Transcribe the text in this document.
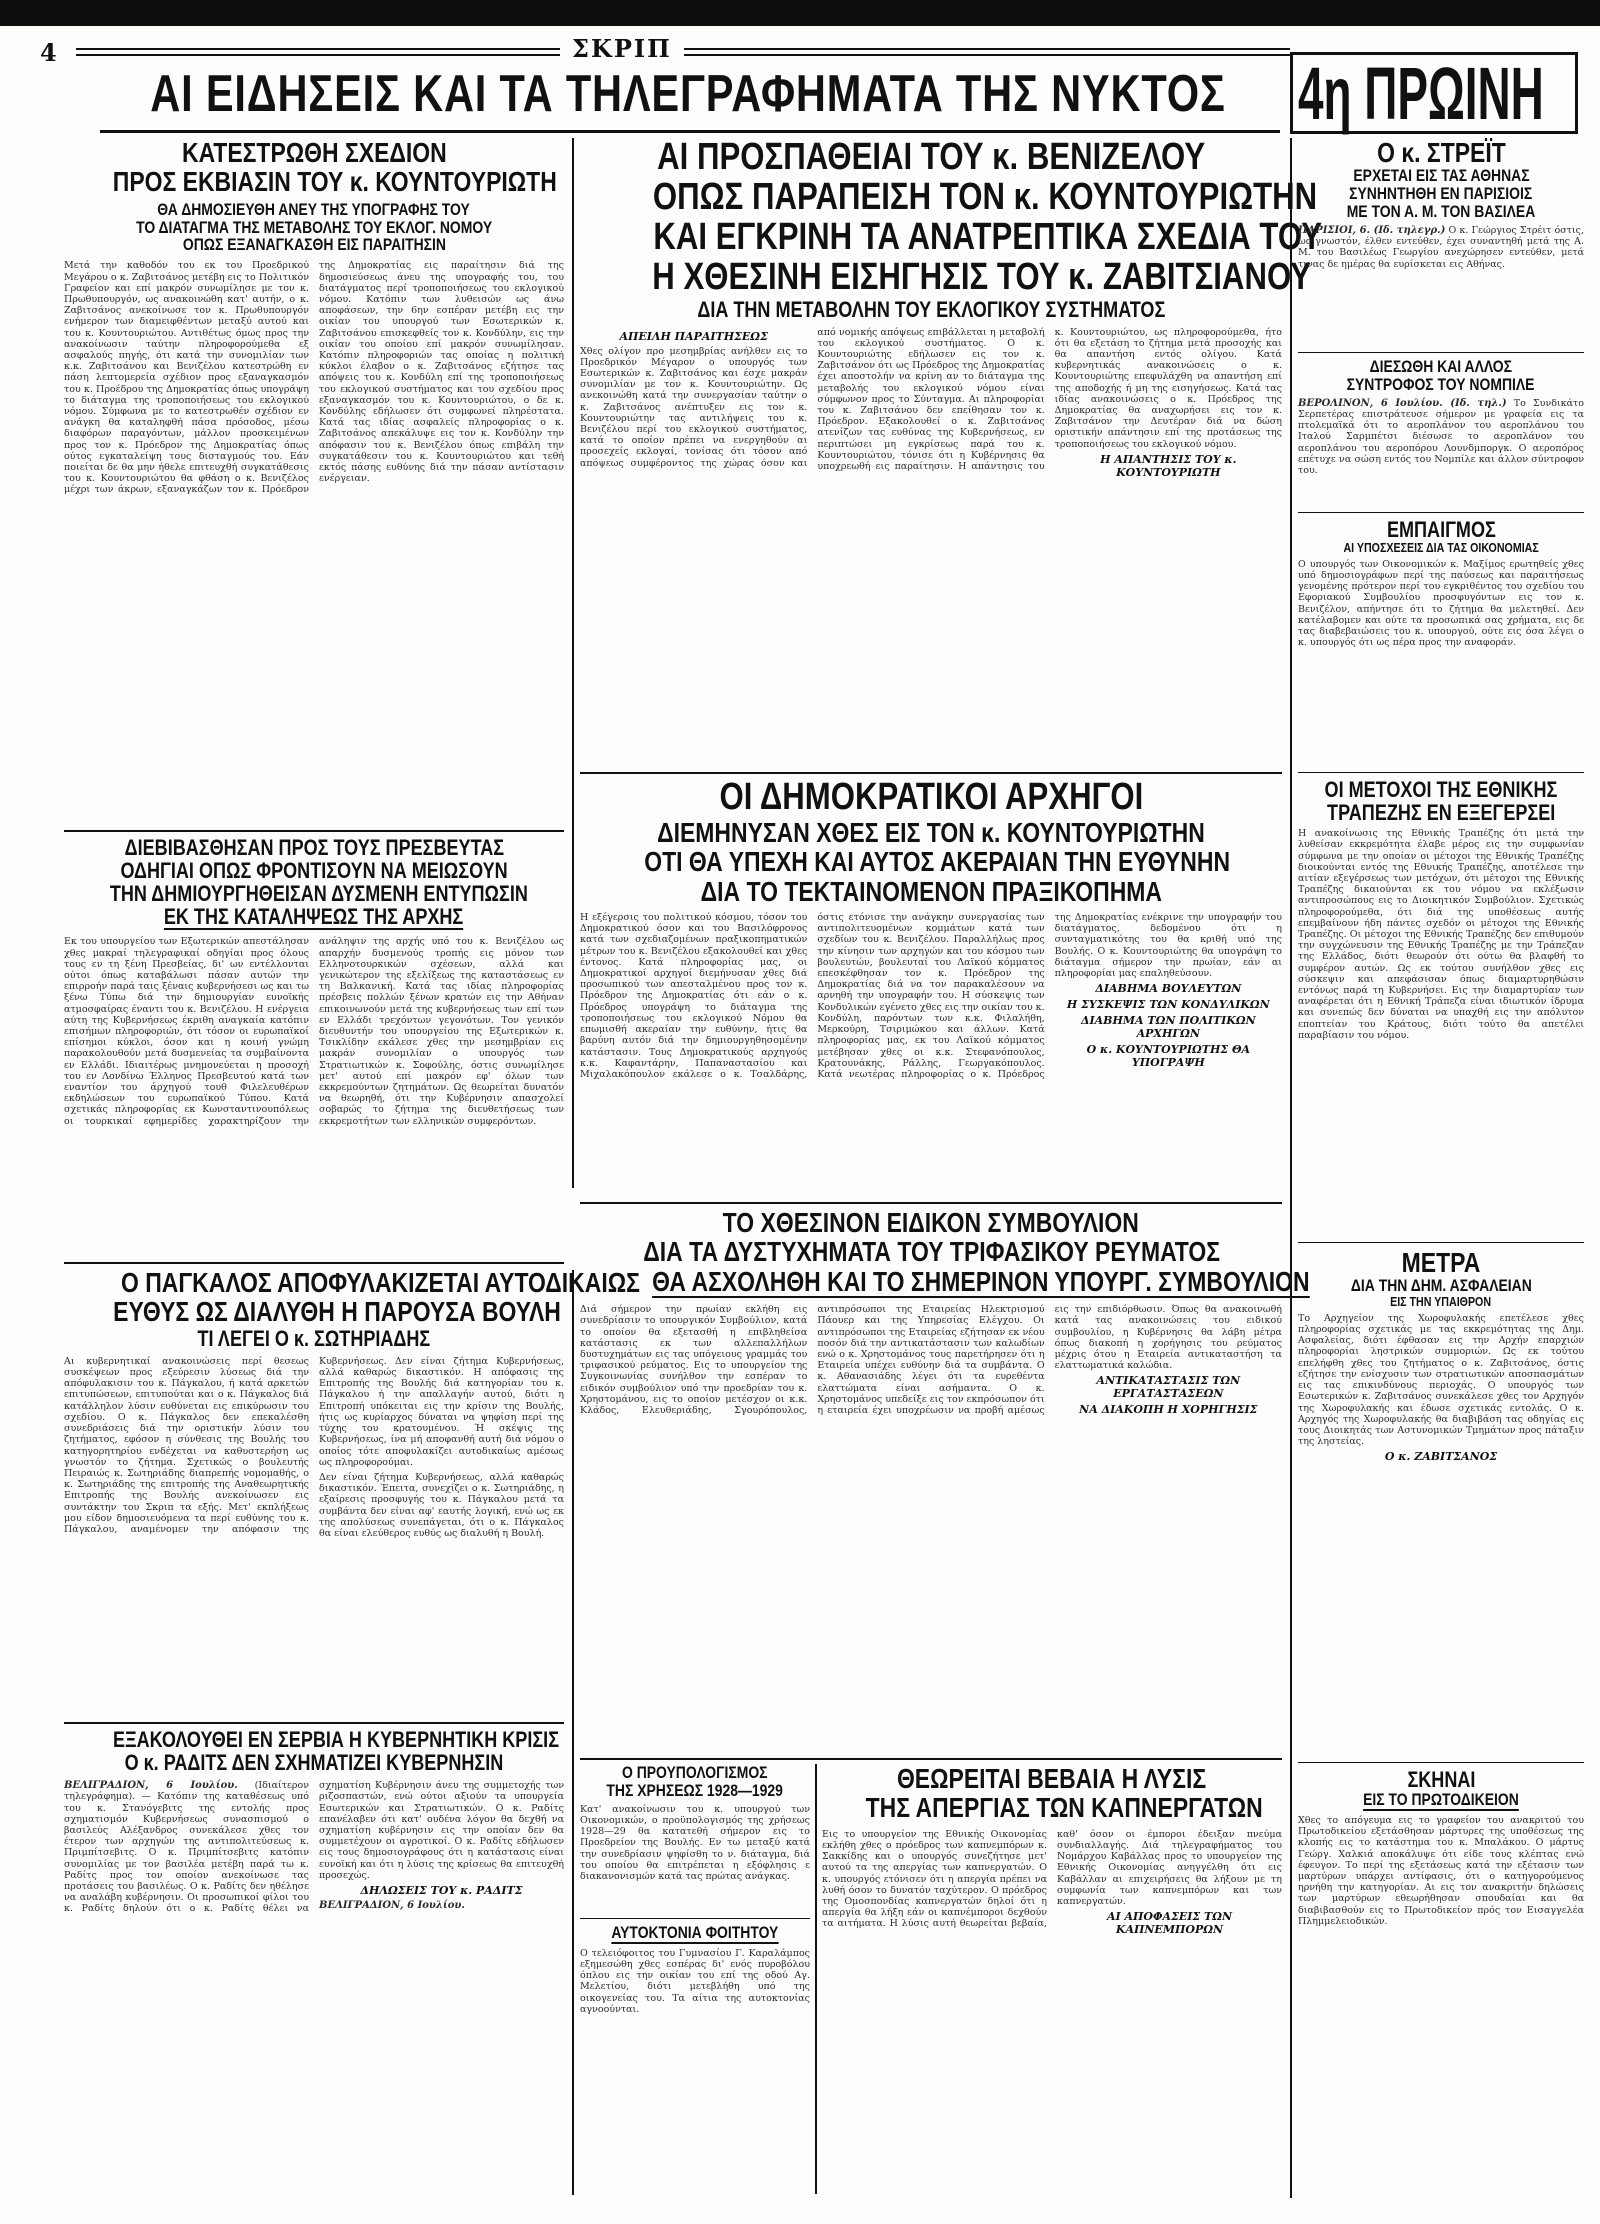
4	ΣΚΡΙΠ
ΑΙ ΕΙΔΗΣΕΙΣ ΚΑΙ ΤΑ ΤΗΛΕΓΡΑΦΗΜΑΤΑ ΤΗΣ ΝΥΚΤΟΣ 4η ΠΡΩΙΝΗ

ΚΑΤΕΣΤΡΩΘΗ ΣΧΕΔΙΟΝ

ΠΡΟΣ ΕΚΒΙΑΣΙΝ ΤΟΥ κ. ΚΟΥΝΤΟΥΡΙΩΤΗ

ΘΑ ΔΗΜΟΣΙΕΥΘΗ ΑΝΕΥ ΤΗΣ ΥΠΟΓΡΑΦΗΣ ΤΟΥ

ΤΟ ΔΙΑΤΑΓΜΑ ΤΗΣ ΜΕΤΑΒΟΛΗΣ ΤΟΥ ΕΚΛΟΓ. ΝΟΜΟΥ

ΟΠΩΣ ΕΞΑΝΑΓΚΑΣΘΗ ΕΙΣ ΠΑΡΑΙΤΗΣΙΝ

Μετά την καθοδόν του εκ του Προεδρικού Μεγάρου ο κ. Ζαβιτσάνος μετέβη εις το Πολιτικόν Γραφείον και επί μακρόν συνωμίλησε με τον κ. Πρωθυπουργόν, ως ανακοινώθη κατ' αυτήν, ο κ. Ζαβιτσάνος ανεκοίνωσε τον κ. Πρωθυπουργόν ενήμερον των διαμειφθέντων μεταξύ αυτού και του κ. Κουντουριώτου. Αντιθέτως όμως προς την ανακοίνωσιν ταύτην πληροφορούμεθα εξ ασφαλούς πηγής, ότι κατά την συνομιλίαν των κ.κ. Ζαβιτσάνου και Βενιζέλου κατεστρώθη εν πάση λεπτομερεία σχέδιον προς εξαναγκασμόν του κ. Προέδρου της Δημοκρατίας όπως υπογράψη το διάταγμα της τροποποιήσεως του εκλογικού νόμου. Σύμφωνα με το κατεστρωθέν σχέδιον εν ανάγκη θα καταληφθή πάσα πρόσοδος, μέσω διαφόρων παραγόντων, μάλλον προσκειμένων προς τον κ. Πρόεδρον της Δημοκρατίας όπως ούτος εγκαταλείψη τους δισταγμούς του. Εάν ποιείται δε θα μην ήθελε επιτευχθή συγκατάθεσις του κ. Κουντουριώτου θα φθάση ο κ. Βενιζέλος μέχρι των άκρων, εξαναγκάζων τον κ. Πρόεδρον της Δημοκρατίας εις παραίτησιν διά της δημοσιεύσεως άνευ της υπογραφής του, του διατάγματος περί τροποποιήσεως του εκλογικού νόμου. Κατόπιν των λυθεισών ως άνω αποφάσεων, την 6ην εσπέραν μετέβη εις την οικίαν του υπουργού των Εσωτερικών κ. Ζαβιτσάνου επισκεφθείς τον κ. Κονδύλην, εις την οικίαν του οποίου επί μακρόν συνωμίλησαν. Κατόπιν πληροφοριών τας οποίας η πολιτική κύκλοι έλαβον ο κ. Ζαβιτσάνος εζήτησε τας απόψεις του κ. Κονδύλη επί της τροποποιήσεως του εκλογικού συστήματος και του σχεδίου προς εξαναγκασμόν του κ. Κουντουριώτου, ο δε κ. Κονδύλης εδήλωσεν ότι συμφωνεί πληρέστατα. Κατά τας ιδίας ασφαλείς πληροφορίας ο κ. Ζαβιτσάνος απεκάλυψε εις τον κ. Κονδύλην την απόφασιν του κ. Βενιζέλου όπως επιβάλη την συγκατάθεσιν του κ. Κουντουριώτου και τεθή εκτός πάσης ευθύνης διά την πάσαν αντίστασιν ενέργειαν.

ΔΙΕΒΙΒΑΣΘΗΣΑΝ ΠΡΟΣ ΤΟΥΣ ΠΡΕΣΒΕΥΤΑΣ

ΟΔΗΓΙΑΙ ΟΠΩΣ ΦΡΟΝΤΙΣΟΥΝ ΝΑ ΜΕΙΩΣΟΥΝ

ΤΗΝ ΔΗΜΙΟΥΡΓΗΘΕΙΣΑΝ ΔΥΣΜΕΝΗ ΕΝΤΥΠΩΣΙΝ

ΕΚ ΤΗΣ ΚΑΤΑΛΗΨΕΩΣ ΤΗΣ ΑΡΧΗΣ

Εκ του υπουργείου των Εξωτερικών απεστάλησαν χθες μακραί τηλεγραφικαί οδηγίαι προς όλους τους εν τη ξένη Πρεσβείας, δι' ων εντέλλονται ούτοι όπως καταβάλωσι πάσαν αυτών την επιρροήν παρά ταις ξέναις κυβερνήσεσι ως και τω ξένω Τύπω διά την δημιουργίαν ευνοϊκής ατμοσφαίρας έναντι του κ. Βενιζέλου. Η ενέργεια αύτη της Κυβερνήσεως έκριθη αναγκαία κατόπιν επισήμων πληροφοριών, ότι τόσον οι ευρωπαϊκοί επίσημοι κύκλοι, όσον και η κοινή γνώμη παρακολουθούν μετά δυσμενείας τα συμβαίνοντα εν Ελλάδι. Ιδιαιτέρως μνημονεύεται η προσοχή του εν Λονδίνω Έλληνος Πρεσβευτού κατά των εναντίον του άρχηγού τουθ Φιλελευθέρων εκδηλώσεων του ευρωπαϊκού Τύπου. Κατά σχετικάς πληροφορίας εκ Κωνσταντινουπόλεως οι τουρκικαί εφημερίδες χαρακτηρίζουν την ανάληψιν της αρχής υπό του κ. Βενιζέλου ως απαρχήν δυσμενούς τροπής εις μόνον των Ελληνοτουρκικών σχέσεων, αλλά και γενικώτερον της εξελίξεως της καταστάσεως εν τη Βαλκανική. Κατά τας ιδίας πληροφορίας πρέσβεις πολλών ξένων κρατών εις την Αθήναν επικοινωνούν μετά της κυβερνήσεως των επί των εν Ελλάδι τρεχόντων γεγονότων. Τον γενικόν διευθυντήν του υπουργείου της Εξωτερικών κ. Τσικλίδην εκάλεσε χθες την μεσημβρίαν εις μακράν συνομιλίαν ο υπουργός των Στρατιωτικών κ. Σοφούλης, όστις συνωμίλησε μετ' αυτού επί μακρόν εφ' όλων των εκκρεμούντων ζητημάτων. Ως θεωρείται δυνατόν να θεωρηθή, ότι την Κυβέρνησιν απασχολεί σοβαρώς το ζήτημα της διευθετήσεως των εκκρεμοτήτων των ελληνικών συμφερόντων.

Ο ΠΑΓΚΑΛΟΣ ΑΠΟΦΥΛΑΚΙΖΕΤΑΙ ΑΥΤΟΔΙΚΑΙΩΣ

ΕΥΘΥΣ ΩΣ ΔΙΑΛΥΘΗ Η ΠΑΡΟΥΣΑ ΒΟΥΛΗ

ΤΙ ΛΕΓΕΙ Ο κ. ΣΩΤΗΡΙΑΔΗΣ

Αι κυβερνητικαί ανακοινώσεις περί θεσεως συσκέψεων προς εξεύρεσιν λύσεως διά την απόφυλακισιν του κ. Πάγκαλου, ή κατά αρκετών επιτυπώσεων, επιτυπούται και ο κ. Πάγκαλος διά κατάλληλον λύσιν ευθύνεται εις επικύρωσιν του σχεδίου. Ο κ. Πάγκαλος δεν επεκαλέσθη συνεδριάσεις διά την οριστικήν λύσιν του ζητήματος, εφόσον η σύνθεσις της Βουλής του κατηγορητηρίου ενδέχεται να καθυστερήση ως γνωστόν το ζήτημα. Σχετικώς ο βουλευτής Πειραιώς κ. Σωτηριάδης διαπρεπής νομομαθής, ο κ. Σωτηριάδης της επιτροπής της Αναθεωρητικής Επιτροπής της Βουλής ανεκοίνωσεν εις συντάκτην του Σκριπ τα εξής. Μετ' εκπλήξεως μου είδον δημοσιευόμενα τα περί ευθύνης του κ. Πάγκαλου, αναμένομεν την απόφασιν της Κυβερνήσεως. Δεν είναι ζήτημα Κυβερνήσεως, αλλά καθαρώς δικαστικόν. Η απόφασις της Επιτροπής της Βουλής διά κατηγορίαν του κ. Πάγκαλου ή την απαλλαγήν αυτού, διότι η Επιτροπή υπόκειται εις την κρίσιν της Βουλής, ήτις ως κυρίαρχος δύναται να ψηφίση περί της τύχης του κρατουμένου. Ή σκέψις της Κυβερνήσεως, ίνα μή αποφανθή αυτή διά νόμου ο οποίος τότε αποφυλακίζει αυτοδικαίως αμέσως ως πληροφορούμαι.

Δεν είναι ζήτημα Κυβερνήσεως, αλλά καθαρώς δικαστικόν. Έπειτα, συνεχίζει ο κ. Σωτηριάδης, η εξαίρεσις προσφυγής του κ. Πάγκαλου μετά τα συμβάντα δεν είναι αφ' εαυτής λογική, ενώ ως εκ της απολύσεως συνεπάγεται, ότι ο κ. Πάγκαλος θα είναι ελεύθερος ευθύς ως διαλυθή η Βουλή.

ΕΞΑΚΟΛΟΥΘΕΙ ΕΝ ΣΕΡΒΙΑ Η ΚΥΒΕΡΝΗΤΙΚΗ ΚΡΙΣΙΣ

Ο κ. ΡΑΔΙΤΣ ΔΕΝ ΣΧΗΜΑΤΙΖΕΙ ΚΥΒΕΡΝΗΣΙΝ

ΒΕΛΙΓΡΑΔΙΟΝ, 6 Ιουλίου. (Ιδιαίτερον τηλεγράφημα). — Κατόπιν της καταθέσεως υπό του κ. Στανόγεβιτς της εντολής προς σχηματισμόν Κυβερνήσεως συνασπισμού ο βασιλεύς Αλέξανδρος συνεκάλεσε χθες τον έτερον των αρχηγών της αντιπολιτεύσεως κ. Πριμπίτσεβιτς. Ο κ. Πριμπίτσεβιτς κατόπιν συνομιλίας με τον βασιλέα μετέβη παρά τω κ. Ραδίτς προς τον οποίον ανεκοίνωσε τας προτάσεις του βασιλέως. Ο κ. Ραδίτς δεν ηθέλησε να αναλάβη κυβέρνησιν. Οι προσωπικοί φίλοι του κ. Ραδίτς δηλούν ότι ο κ. Ραδίτς θέλει να σχηματίση Κυβέρνησιν άνευ της συμμετοχής των ριζοσπαστών, ενώ ούτοι αξιούν τα υπουργεία Εσωτερικών και Στρατιωτικών. Ο κ. Ραδίτς επανέλαβεν ότι κατ' ουδένα λόγον θα δεχθή να σχηματίση κυβέρνησιν εις την οποίαν δεν θα συμμετέχουν οι αγροτικοί. Ο κ. Ραδίτς εδήλωσεν εις τους δημοσιογράφους ότι η κατάστασις είναι ευνοϊκή και ότι η λύσις της κρίσεως θα επιτευχθή προσεχώς.

ΔΗΛΩΣΕΙΣ ΤΟΥ κ. ΡΑΔΙΤΣ

ΒΕΛΙΓΡΑΔΙΟΝ, 6 Ιουλίου.

ΑΙ ΠΡΟΣΠΑΘΕΙΑΙ ΤΟΥ κ. ΒΕΝΙΖΕΛΟΥ

ΟΠΩΣ ΠΑΡΑΠΕΙΣΗ ΤΟΝ κ. ΚΟΥΝΤΟΥΡΙΩΤΗΝ

ΚΑΙ ΕΓΚΡΙΝΗ ΤΑ ΑΝΑΤΡΕΠΤΙΚΑ ΣΧΕΔΙΑ ΤΟΥ

Η ΧΘΕΣΙΝΗ ΕΙΣΗΓΗΣΙΣ ΤΟΥ κ. ΖΑΒΙΤΣΙΑΝΟΥ

ΔΙΑ ΤΗΝ ΜΕΤΑΒΟΛΗΝ ΤΟΥ ΕΚΛΟΓΙΚΟΥ ΣΥΣΤΗΜΑΤΟΣ

ΑΠΕΙΛΗ ΠΑΡΑΙΤΗΣΕΩΣ

Χθες ολίγον προ μεσημβρίας ανήλθεν εις το Προεδρικόν Μέγαρον ο υπουργός των Εσωτερικών κ. Ζαβιτσάνος και έσχε μακράν συνομιλίαν με τον κ. Κουντουριώτην. Ως ανεκοινώθη κατά την συνεργασίαν ταύτην ο κ. Ζαβιτσάνος ανέπτυξεν εις τον κ. Κουντουριώτην τας αντιλήψεις του κ. Βενιζέλου περί του εκλογικού συστήματος, κατά το οποίον πρέπει να ενεργηθούν αι προσεχείς εκλογαί, τονίσας ότι τόσον από απόψεως συμφέροντος της χώρας όσον και από νομικής απόψεως επιβάλλεται η μεταβολή του εκλογικού συστήματος. Ο κ. Κουντουριώτης εδήλωσεν εις τον κ. Ζαβιτσάνον ότι ως Πρόεδρος της Δημοκρατίας έχει αποστολήν να κρίνη αν το διάταγμα της μεταβολής του εκλογικού νόμου είναι σύμφωνον προς το Σύνταγμα. Αι πληροφορίαι του κ. Ζαβιτσάνου δεν επείθησαν τον κ. Πρόεδρον. Εξακολουθεί ο κ. Ζαβιτσάνος ατενίζων τας ευθύνας της Κυβερνήσεως, εν περιπτώσει μη εγκρίσεως παρά του κ. Κουντουριώτου, τόνισε ότι η Κυβέρνησις θα υποχρεωθή εις παραίτησιν. Η απάντησις του κ. Κουντουριώτου, ως πληροφορούμεθα, ήτο ότι θα εξετάση το ζήτημα μετά προσοχής και θα απαντήση εντός ολίγου. Κατά κυβερνητικάς ανακοινώσεις ο κ. Κουντουριώτης επεφυλάχθη να απαντήση επί της αποδοχής ή μη της εισηγήσεως. Κατά τας ιδίας ανακοινώσεις ο κ. Πρόεδρος της Δημοκρατίας θα αναχωρήσει εις τον κ. Ζαβιτσάνον την Δευτέραν διά να δώση οριστικήν απάντησιν επί της προτάσεως της τροποποιήσεως του εκλογικού νόμου.

Η ΑΠΑΝΤΗΣΙΣ ΤΟΥ κ. ΚΟΥΝΤΟΥΡΙΩΤΗ

ΟΙ ΔΗΜΟΚΡΑΤΙΚΟΙ ΑΡΧΗΓΟΙ

ΔΙΕΜΗΝΥΣΑΝ ΧΘΕΣ ΕΙΣ ΤΟΝ κ. ΚΟΥΝΤΟΥΡΙΩΤΗΝ

ΟΤΙ ΘΑ ΥΠΕΧΗ ΚΑΙ ΑΥΤΟΣ ΑΚΕΡΑΙΑΝ ΤΗΝ ΕΥΘΥΝΗΝ

ΔΙΑ ΤΟ ΤΕΚΤΑΙΝΟΜΕΝΟΝ ΠΡΑΞΙΚΟΠΗΜΑ

Η εξέγερσις του πολιτικού κόσμου, τόσον του Δημοκρατικού όσον και του Βασιλόφρονος κατά των σχεδιαζομένων πραξικοπηματικών μέτρων του κ. Βενιζέλου εξακολουθεί και χθες έντονος. Κατά πληροφορίας μας, οι Δημοκρατικοί αρχηγοί διεμήνυσαν χθες διά προσωπικού των απεσταλμένου προς τον κ. Πρόεδρον της Δημοκρατίας ότι εάν ο κ. Πρόεδρος υπογράψη το διάταγμα της τροποποιήσεως του εκλογικού Νόμου θα επωμισθή ακεραίαν την ευθύνην, ήτις θα βαρύνη αυτόν διά την δημιουργηθησομένην κατάστασιν. Τους Δημοκρατικούς αρχηγούς κ.κ. Καφαντάρην, Παπαναστασίου και Μιχαλακόπουλον εκάλεσε ο κ. Τσαλδάρης, όστις ετόνισε την ανάγκην συνεργασίας των αντιπολιτευομένων κομμάτων κατά των σχεδίων του κ. Βενιζέλου. Παραλλήλως προς την κίνησιν των αρχηγών και του κόσμου των βουλευτών, βουλευταί του Λαϊκού κόμματος επεσκέφθησαν τον κ. Πρόεδρον της Δημοκρατίας διά να τον παρακαλέσουν να αρνηθή την υπογραφήν του. Η σύσκεψις των Κονδυλικών εγένετο χθες εις την οικίαν του κ. Κονδύλη, παρόντων των κ.κ. Φιλαλήθη, Μερκούρη, Τσιριμώκου και άλλων. Κατά πληροφορίας μας, εκ του Λαϊκού κόμματος μετέβησαν χθες οι κ.κ. Στεφανόπουλος, Κρατουνάκης, Ράλλης, Γεωργακόπουλος. Κατά νεωτέρας πληροφορίας ο κ. Πρόεδρος της Δημοκρατίας ενέκρινε την υπογραφήν του διατάγματος, δεδομένου ότι η συνταγματικότης του θα κριθή υπό της Βουλής. Ο κ. Κουντουριώτης θα υπογράψη το διάταγμα σήμερον την πρωίαν, εάν αι πληροφορίαι μας επαληθεύσουν.

ΔΙΑΒΗΜΑ ΒΟΥΛΕΥΤΩΝ

Η ΣΥΣΚΕΨΙΣ ΤΩΝ ΚΟΝΔΥΛΙΚΩΝ

ΔΙΑΒΗΜΑ ΤΩΝ ΠΟΛΙΤΙΚΩΝ ΑΡΧΗΓΩΝ

Ο κ. ΚΟΥΝΤΟΥΡΙΩΤΗΣ ΘΑ ΥΠΟΓΡΑΨΗ

ΤΟ ΧΘΕΣΙΝΟΝ ΕΙΔΙΚΟΝ ΣΥΜΒΟΥΛΙΟΝ

ΔΙΑ ΤΑ ΔΥΣΤΥΧΗΜΑΤΑ ΤΟΥ ΤΡΙΦΑΣΙΚΟΥ ΡΕΥΜΑΤΟΣ

ΘΑ ΑΣΧΟΛΗΘΗ ΚΑΙ ΤΟ ΣΗΜΕΡΙΝΟΝ ΥΠΟΥΡΓ. ΣΥΜΒΟΥΛΙΟΝ

Διά σήμερον την πρωίαν εκλήθη εις συνεδρίασιν το υπουργικόν Συμβούλιον, κατά το οποίον θα εξετασθή η επιβληθείσα κατάστασις εκ των αλλεπαλλήλων δυστυχημάτων εις τας υπόγειους γραμμάς του τριφασικού ρεύματος. Εις το υπουργείον της Συγκοινωνίας συνήλθον την εσπέραν το ειδικόν συμβούλιον υπό την προεδρίαν του κ. Χρηστομάνου, εις το οποίον μετέσχον οι κ.κ. Κλάδος, Ελευθεριάδης, Σγουρόπουλος, αντιπρόσωποι της Εταιρείας Ηλεκτρισμού Πάουερ και της Υπηρεσίας Ελέγχου. Οι αντιπρόσωποι της Εταιρείας εζήτησαν εκ νέου ποσόν διά την αντικατάστασιν των καλωδίων ενώ ο κ. Χρηστομάνος τους παρετήρησεν ότι η Εταιρεία υπέχει ευθύνην διά τα συμβάντα. Ο κ. Αθανασιάδης λέγει ότι τα ευρεθέντα ελαττώματα είναι ασήμαντα. Ο κ. Χρηστομάνος υπεδείξε εις τον εκπρόσωπον ότι η εταιρεία έχει υποχρέωσιν να προβή αμέσως εις την επιδιόρθωσιν. Όπως θα ανακοινωθή κατά τας ανακοινώσεις του ειδικού συμβουλίου, η Κυβέρνησις θα λάβη μέτρα όπως διακοπή η χορήγησις του ρεύματος μέχρις ότου η Εταιρεία αντικαταστήση τα ελαττωματικά καλώδια.

ΑΝΤΙΚΑΤΑΣΤΑΣΙΣ ΤΩΝ ΕΡΓΑΤΑΣΤΑΣΕΩΝ

ΝΑ ΔΙΑΚΟΠΗ Η ΧΟΡΗΓΗΣΙΣ

Ο ΠΡΟΥΠΟΛΟΓΙΣΜΟΣ

ΤΗΣ ΧΡΗΣΕΩΣ 1928—1929

Κατ' ανακοίνωσιν του κ. υπουργού των Οικονομικών, ο προϋπολογισμός της χρήσεως 1928—29 θα κατατεθή σήμερον εις το Προεδρείον της Βουλής. Εν τω μεταξύ κατά την συνεδρίασιν ψηφίσθη το ν. διάταγμα, διά του οποίου θα επιτρέπεται η εξόφλησις ε διακανονισμών κατά τας πρώτας ανάγκας.

ΑΥΤΟΚΤΟΝΙΑ ΦΟΙΤΗΤΟΥ

Ο τελειόφοιτος του Γυμνασίου Γ. Καραλάμπος εξημεσώθη χθες εσπέρας δι' ενός πυροβόλου όπλου εις την οικίαν του επί της οδού Αγ. Μελετίου, διότι μετεβλήθη υπό της οικογενείας του. Τα αίτια της αυτοκτονίας αγνοούνται.

ΘΕΩΡΕΙΤΑΙ ΒΕΒΑΙΑ Η ΛΥΣΙΣ

ΤΗΣ ΑΠΕΡΓΙΑΣ ΤΩΝ ΚΑΠΝΕΡΓΑΤΩΝ

Εις το υπουργείον της Εθνικής Οικονομίας εκλήθη χθες ο πρόεδρος των καπνεμπόρων κ. Σακκίδης και ο υπουργός συνεζήτησε μετ' αυτού τα της απεργίας των καπνεργατών. Ο κ. υπουργός ετόνισεν ότι η απεργία πρέπει να λυθή όσον το δυνατόν ταχύτερον. Ο πρόεδρος της Ομοσπονδίας καπνεργατών δηλοί ότι η απεργία θα λήξη εάν οι καπνέμποροι δεχθούν τα αιτήματα. Η λύσις αυτή θεωρείται βεβαία, καθ' όσον οι έμποροι έδειξαν πνεύμα συνδιαλλαγής. Διά τηλεγραφήματος του Νομάρχου Καβάλλας προς το υπουργείον της Εθνικής Οικονομίας ανηγγέλθη ότι εις Καβάλλαν αι επιχειρήσεις θα λήξουν με τη συμφωνία των καπνεμπόρων και των καπνεργατών.

ΑΙ ΑΠΟΦΑΣΕΙΣ ΤΩΝ ΚΑΠΝΕΜΠΟΡΩΝ

Ο κ. ΣΤΡΕΪΤ

ΕΡΧΕΤΑΙ ΕΙΣ ΤΑΣ ΑΘΗΝΑΣ

ΣΥΝΗΝΤΗΘΗ ΕΝ ΠΑΡΙΣΙΟΙΣ

ΜΕ ΤΟΝ Α. Μ. ΤΟΝ ΒΑΣΙΛΕΑ

ΠΑΡΙΣΙΟΙ, 6. (Ιδ. τηλεγρ.) Ο κ. Γεώργιος Στρέιτ όστις, ως γνωστόν, έλθεν εντεύθεν, έχει συναντηθή μετά της Α. Μ. του Βασιλέως Γεωργίου ανεχώρησεν εντεύθεν, μετά τινας δε ημέρας θα ευρίσκεται εις Αθήνας.

ΔΙΕΣΩΘΗ ΚΑΙ ΑΛΛΟΣ

ΣΥΝΤΡΟΦΟΣ ΤΟΥ ΝΟΜΠΙΛΕ

ΒΕΡΟΛΙΝΟΝ, 6 Ιουλίου. (Ιδ. τηλ.) Το Συνδικάτο Σερπετέρας επιστράτευσε σήμερον με γραφεία εις τα πτολεμαϊκά ότι το αεροπλάνον του αεροπλάνου του Ιταλού Σαρμπέτσι διέσωσε το αεροπλάνον του αεροπλάνου του αεροπόρου Λουνδμποργκ. Ο αεροπόρος επέτυχε να σώση εντός του Νομπίλε και άλλον σύντροφον του.

ΕΜΠΑΙΓΜΟΣ

ΑΙ ΥΠΟΣΧΕΣΕΙΣ ΔΙΑ ΤΑΣ ΟΙΚΟΝΟΜΙΑΣ

Ο υπουργός των Οικονομικών κ. Μαξίμος ερωτηθείς χθες υπό δημοσιογράφων περί της παύσεως και παραιτήσεως γενομένης πρότερον περί του εγκριθέντος του σχεδίου του Εφοριακού Συμβουλίου προσφυγόντων εις τον κ. Βενιζέλον, απήντησε ότι το ζήτημα θα μελετηθεί. Δεν κατέλαβομεν και ούτε τα προσωπικά σας χρήματα, εις δε τας διαβεβαιώσεις του κ. υπουργού, ούτε εις όσα λέγει ο κ. υπουργός ότι ως πέρα προς την αναφοράν.

ΟΙ ΜΕΤΟΧΟΙ ΤΗΣ ΕΘΝΙΚΗΣ

ΤΡΑΠΕΖΗΣ ΕΝ ΕΞΕΓΕΡΣΕΙ

Η ανακοίνωσις της Εθνικής Τραπέζης ότι μετά την λυθείσαν εκκρεμότητα έλαβε μέρος εις την συμφωνίαν σύμφωνα με την οποίαν οι μέτοχοι της Εθνικής Τραπέζης διοικούνται εντός της Εθνικής Τραπέζης, αποτέλεσε την αιτίαν εξεγέρσεως των μετόχων, ότι μέτοχοι της Εθνικής Τραπέζης δικαιούνται εκ του νόμου να εκλέξωσιν αντιπροσώπους εις το Διοικητικόν Συμβούλιον. Σχετικώς πληροφορούμεθα, ότι διά της υποθέσεως αυτής επεμβαίνουν ήδη πάντες σχεδόν οι μέτοχοι της Εθνικής Τραπέζης. Οι μέτοχοι της Εθνικής Τραπέζης δεν επιθυμούν την συγχώνευσιν της Εθνικής Τραπέζης με την Τράπεζαν της Ελλάδος, διότι θεωρούν ότι ούτω θα βλαφθή το συμφέρον αυτών. Ως εκ τούτου συνήλθον χθες εις σύσκεψιν και απεφάσισαν όπως διαμαρτυρηθώσιν εντόνως παρά τη Κυβερνήσει. Εις την διαμαρτυρίαν των αναφέρεται ότι η Εθνική Τράπεζα είναι ιδιωτικόν ίδρυμα και συνεπώς δεν δύναται να υπαχθή εις την απόλυτον εποπτείαν του Κράτους, διότι τούτο θα απετέλει παραβίασιν του νόμου.

ΜΕΤΡΑ

ΔΙΑ ΤΗΝ ΔΗΜ. ΑΣΦΑΛΕΙΑΝ

ΕΙΣ ΤΗΝ ΥΠΑΙΘΡΟΝ

Το Αρχηγείον της Χωροφυλακής επετέλεσε χθες πληροφορίας σχετικάς με τας εκκρεμότητας της Δημ. Ασφαλείας, διότι έφθασαν εις την Αρχήν επαρχιών πληροφορίαι ληστρικών συμμοριών. Ως εκ τούτου επελήφθη χθες του ζητήματος ο κ. Ζαβιτσάνος, όστις εζήτησε την ενίσχυσιν των στρατιωτικών αποσπασμάτων εις τας επικινδύνους περιοχάς. Ο υπουργός των Εσωτερικών κ. Ζαβιτσάνος συνεκάλεσε χθες τον Αρχηγόν της Χωροφυλακής και έδωσε σχετικάς εντολάς. Ο κ. Αρχηγός της Χωροφυλακής θα διαβιβάση τας οδηγίας εις τους Διοικητάς των Αστυνομικών Τμημάτων προς πάταξιν της ληστείας.

Ο κ. ΖΑΒΙΤΣΑΝΟΣ

ΣΚΗΝΑΙ

ΕΙΣ ΤΟ ΠΡΩΤΟΔΙΚΕΙΟΝ

Χθες το απόγευμα εις το γραφείον του ανακριτού του Πρωτοδικείου εξετάσθησαν μάρτυρες της υποθέσεως της κλοπής εις το κατάστημα του κ. Μπαλάκου. Ο μάρτυς Γεώργ. Χαλκιά αποκάλυψε ότι είδε τους κλέπτας ενώ έφευγον. Το περί της εξετάσεως κατά την εξέτασιν των μαρτύρων υπάρχει αντίφασις, ότι ο κατηγορούμενος ηρνήθη την κατηγορίαν. Αι εις τον ανακριτήν δηλώσεις των μαρτύρων εθεωρήθησαν σπουδαίαι και θα διαβιβασθούν εις το Πρωτοδικείον πρός τον Εισαγγελέα Πλημμελειοδικών.
